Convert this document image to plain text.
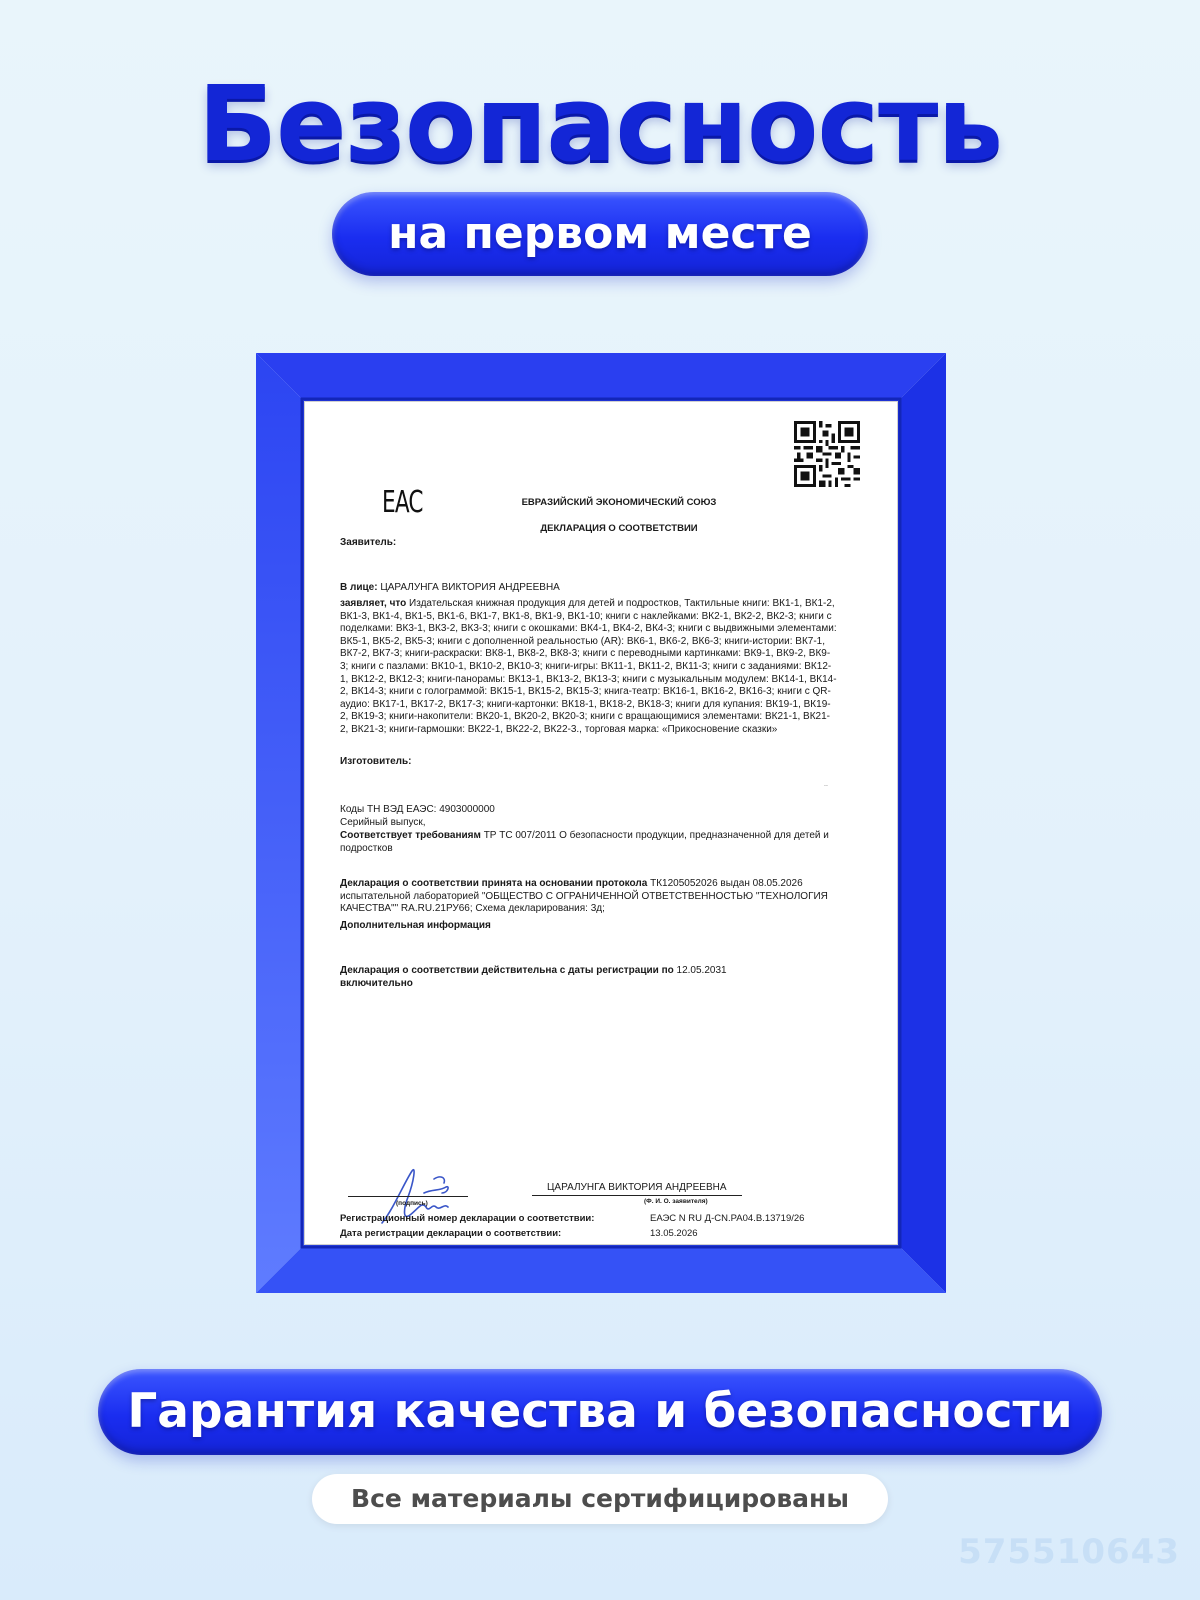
Безопасность
на первом месте
EAC	ЕВРАЗИЙСКИЙ ЭКОНОМИЧЕСКИЙ СОЮЗ
ДЕКЛАРАЦИЯ О СООТВЕТСТВИИ
Заявитель:
В лице: ЦАРАЛУНГА ВИКТОРИЯ АНДРЕЕВНА
заявляет, что Издательская книжная продукция для детей и подростков, Тактильные книги: ВК1-1, ВК1-2, ВК1-3, ВК1-4, ВК1-5, ВК1-6, ВК1-7, ВК1-8, ВК1-9, ВК1-10; книги с наклейками: ВК2-1, ВК2-2, ВК2-3; книги с поделками: ВК3-1, ВК3-2, ВК3-3; книги с окошками: ВК4-1, ВК4-2, ВК4-3; книги с выдвижными элементами: ВК5-1, ВК5-2, ВК5-3; книги с дополненной реальностью (AR): ВК6-1, ВК6-2, ВК6-3; книги-истории: ВК7-1, ВК7-2, ВК7-3; книги-раскраски: ВК8-1, ВК8-2, ВК8-3; книги с переводными картинками: ВК9-1, ВК9-2, ВК9-3; книги с пазлами: ВК10-1, ВК10-2, ВК10-3; книги-игры: ВК11-1, ВК11-2, ВК11-3; книги с заданиями: ВК12-1, ВК12-2, ВК12-3; книги-панорамы: ВК13-1, ВК13-2, ВК13-3; книги с музыкальным модулем: ВК14-1, ВК14-2, ВК14-3; книги с голограммой: ВК15-1, ВК15-2, ВК15-3; книга-театр: ВК16-1, ВК16-2, ВК16-3; книги с QR-аудио: ВК17-1, ВК17-2, ВК17-3; книги-картонки: ВК18-1, ВК18-2, ВК18-3; книги для купания: ВК19-1, ВК19-2, ВК19-3; книги-накопители: ВК20-1, ВК20-2, ВК20-3; книги с вращающимися элементами: ВК21-1, ВК21-2, ВК21-3; книги-гармошки: ВК22-1, ВК22-2, ВК22-3., торговая марка: «Прикосновение сказки»
..
Изготовитель:
Коды ТН ВЭД ЕАЭС: 4903000000
Серийный выпуск,
Соответствует требованиям ТР ТС 007/2011 О безопасности продукции, предназначенной для детей и подростков
Декларация о соответствии принята на основании протокола ТК1205052026 выдан 08.05.2026 испытательной лабораторией "ОБЩЕСТВО С ОГРАНИЧЕННОЙ ОТВЕТСТВЕННОСТЬЮ "ТЕХНОЛОГИЯ КАЧЕСТВА"" RA.RU.21РУ66; Схема декларирования: 3д;
Дополнительная информация
Декларация о соответствии действительна с даты регистрации по 12.05.2031
включительно
(подпись)
ЦАРАЛУНГА ВИКТОРИЯ АНДРЕЕВНА
(Ф. И. О. заявителя)
Регистрационный номер декларации о соответствии:	ЕАЭС N RU Д-CN.РА04.В.13719/26
Дата регистрации декларации о соответствии:	13.05.2026
Гарантия качества и безопасности
Все материалы сертифицированы
575510643
